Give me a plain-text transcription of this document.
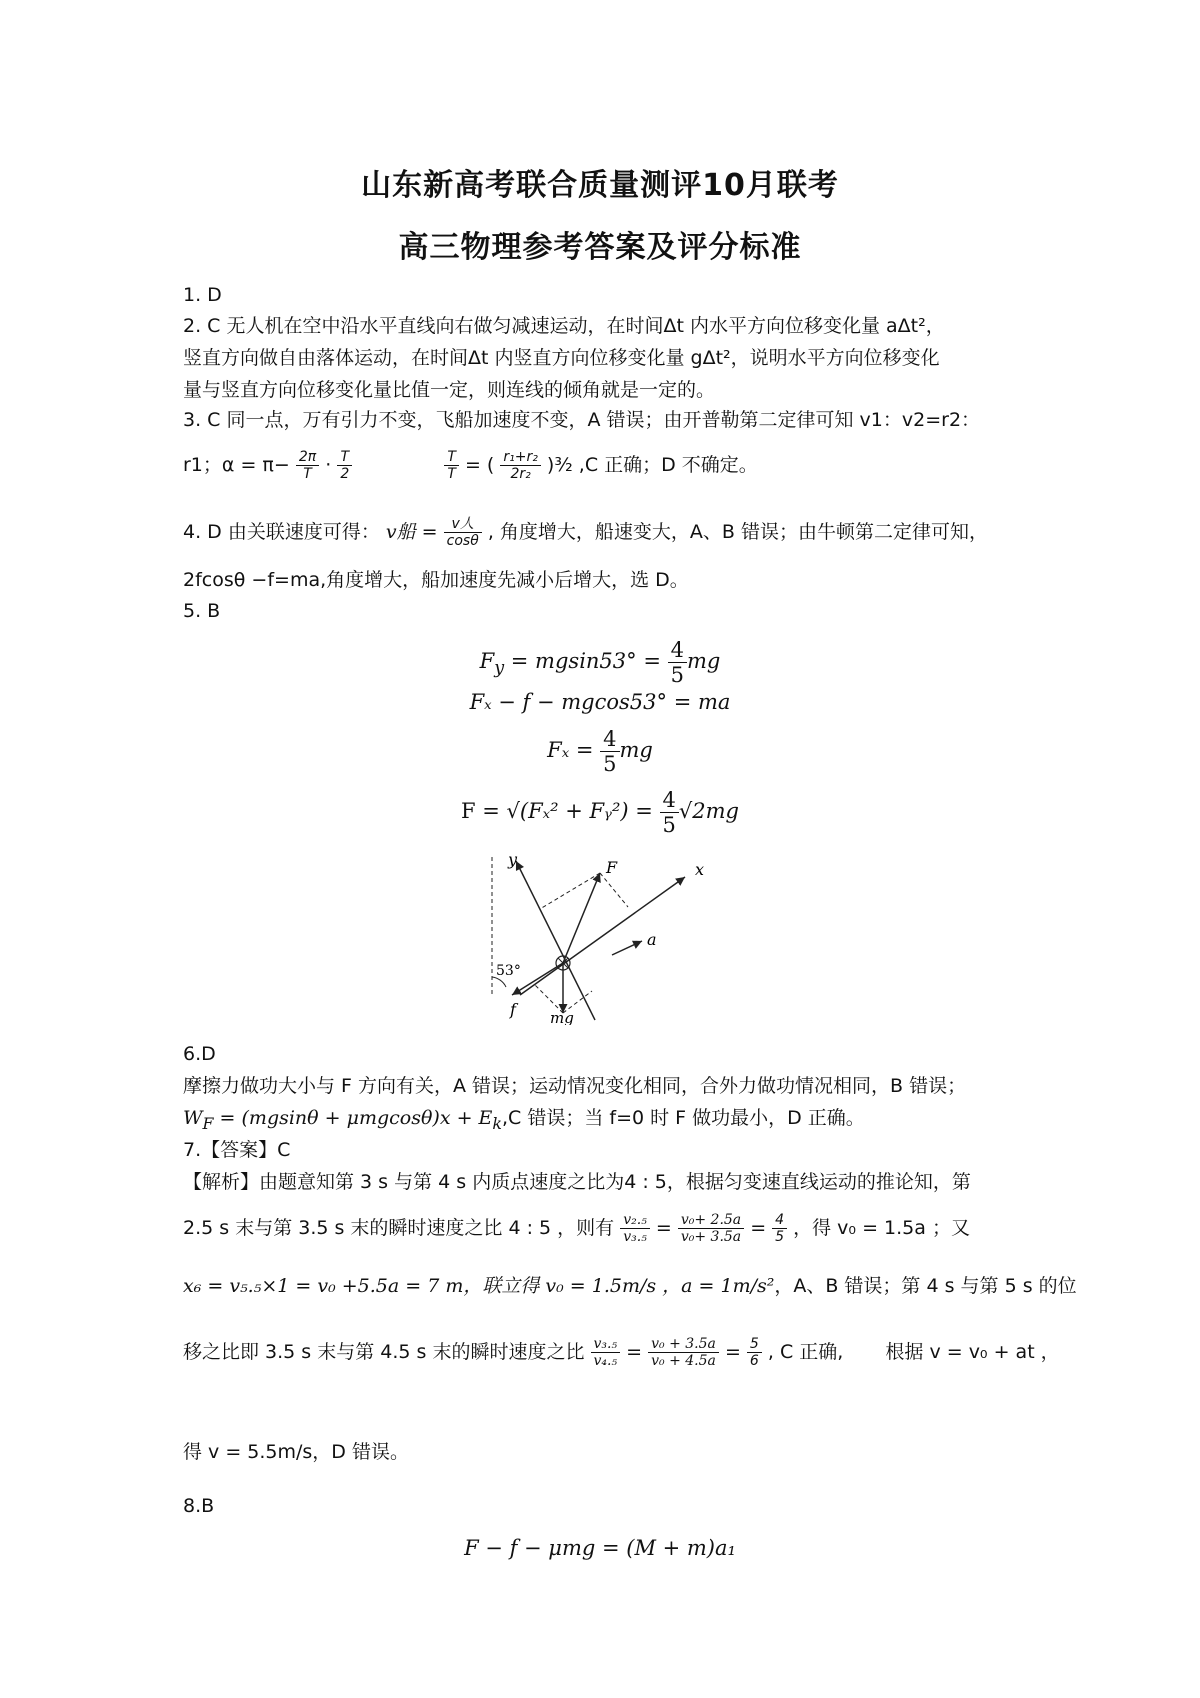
山东新高考联合质量测评10月联考
高三物理参考答案及评分标准
1. D
2. C 无人机在空中沿水平直线向右做匀减速运动，在时间Δt 内水平方向位移变化量 aΔt²，
竖直方向做自由落体运动，在时间Δt 内竖直方向位移变化量 gΔt²，说明水平方向位移变化
量与竖直方向位移变化量比值一定，则连线的倾角就是一定的。
3. C 同一点，万有引力不变，飞船加速度不变，A 错误；由开普勒第二定律可知 v1：v2=r2：
r1；$\alpha = \pi- \frac{2\pi}{T} \cdot \frac{T}{2}$
	$\frac{T}{T}$ = ( $\frac{\text{r₁+r₂}}{\text{2r₂}}$ )³⁄₂ ,C 正确；D 不确定。
4. D 由关联速度可得： v船 = $\frac{\text{v人}}{\cos\theta}$ , 角度增大，船速变大，A、B 错误；由牛顿第二定律可知，
2fcosθ −f=ma,角度增大，船加速度先减小后增大，选 D。
5. B
$F_y = mgsin53^\circ = \frac{4}{5}$ mg
Fₓ − f − mgcos53° = ma
$F_x = \frac{4}{5}$ mg
F = √(Fₓ² + Fᵧ²) = $\frac{4}{5} √2mg$
y	F	x
a
53°
f mg
6.D
摩擦力做功大小与 F 方向有关，A 错误；运动情况变化相同，合外力做功情况相同，B 错误；
$W_F = (mgsin\theta + \mu mgcos\theta)x + E_k,C$ 错误；当 f=0 时 F 做功最小，D 正确。
7.【答案】C
【解析】由题意知第 3 s 与第 4 s 内质点速度之比为4 : 5，根据匀变速直线运动的推论知，第
2.5 s 末与第 3.5 s 末的瞬时速度之比 4 : 5 ，则有 $\frac{\text{v₂.₅}}{\text{v₃.₅}} = \frac{\text{v₀+ 2.5a}}{\text{v₀+ 3.5a}} = \frac{4}{5}$ ，得 v₀ = 1.5a ；又
x₆ = v₅.₅×1 = v₀ +5.5a = 7 m，联立得 v₀ = 1.5m/s ，a = 1m/s²，A、B 错误；第 4 s 与第 5 s 的位
移之比即 3.5 s 末与第 4.5 s 末的瞬时速度之比 $\frac{\text{v₃.₅}}{\text{v₄.₅}} = \frac{\text{v₀ + 3.5a}}{\text{v₀ + 4.5a}} = \frac{5}{6}$ , C 正确, 根据 v = v₀ + at ，
得 v = 5.5m/s，D 错误。
8.B
F − f − μmg = (M + m)a₁
